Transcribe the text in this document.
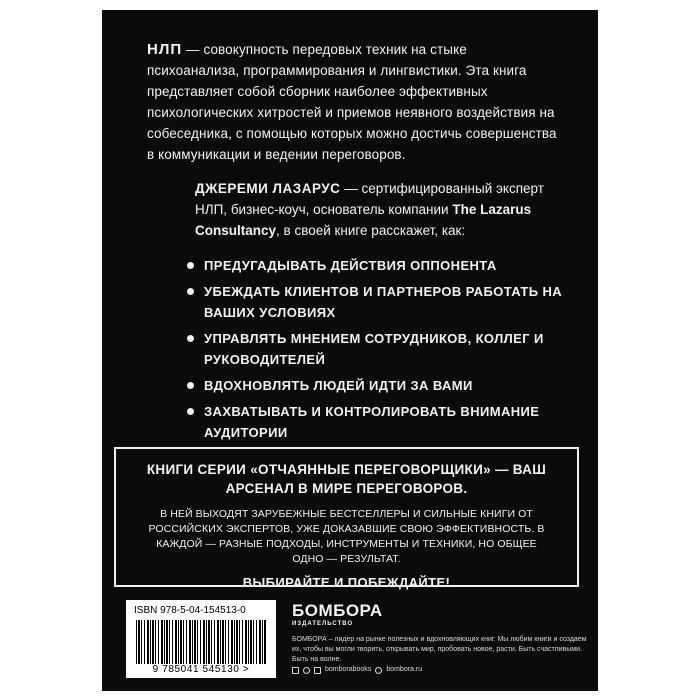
НЛП — совокупность передовых техник на стыке психоанализа, программирования и лингвистики. Эта книга представляет собой сборник наиболее эффективных психологических хитростей и приемов неявного воздействия на собеседника, с помощью которых можно достичь совершенства в коммуникации и ведении переговоров.
ДЖЕРЕМИ ЛАЗАРУС — сертифицированный эксперт НЛП, бизнес-коуч, основатель компании The Lazarus Consultancy, в своей книге расскажет, как:
ПРЕДУГАДЫВАТЬ ДЕЙСТВИЯ ОППОНЕНТА
УБЕЖДАТЬ КЛИЕНТОВ И ПАРТНЕРОВ РАБОТАТЬ НА ВАШИХ УСЛОВИЯХ
УПРАВЛЯТЬ МНЕНИЕМ СОТРУДНИКОВ, КОЛЛЕГ И РУКОВОДИТЕЛЕЙ
ВДОХНОВЛЯТЬ ЛЮДЕЙ ИДТИ ЗА ВАМИ
ЗАХВАТЫВАТЬ И КОНТРОЛИРОВАТЬ ВНИМАНИЕ АУДИТОРИИ
КНИГИ СЕРИИ «ОТЧАЯННЫЕ ПЕРЕГОВОРЩИКИ» — ВАШ АРСЕНАЛ В МИРЕ ПЕРЕГОВОРОВ.
В НЕЙ ВЫХОДЯТ ЗАРУБЕЖНЫЕ БЕСТСЕЛЛЕРЫ И СИЛЬНЫЕ КНИГИ ОТ РОССИЙСКИХ ЭКСПЕРТОВ, УЖЕ ДОКАЗАВШИЕ СВОЮ ЭФФЕКТИВНОСТЬ. В КАЖДОЙ — РАЗНЫЕ ПОДХОДЫ, ИНСТРУМЕНТЫ И ТЕХНИКИ, НО ОБЩЕЕ ОДНО — РЕЗУЛЬТАТ.
ВЫБИРАЙТЕ И ПОБЕЖДАЙТЕ!
ISBN 978-5-04-154513-0
9 785041 545130 >
БОМБОРА
ИЗДАТЕЛЬСТВО
БОМБОРА – лидер на рынке полезных и вдохновляющих книг. Мы любим книги и создаем их, чтобы вы могли творить, открывать мир, пробовать новое, расти. Быть счастливыми. Быть на волне.
bomborabooks bombora.ru
